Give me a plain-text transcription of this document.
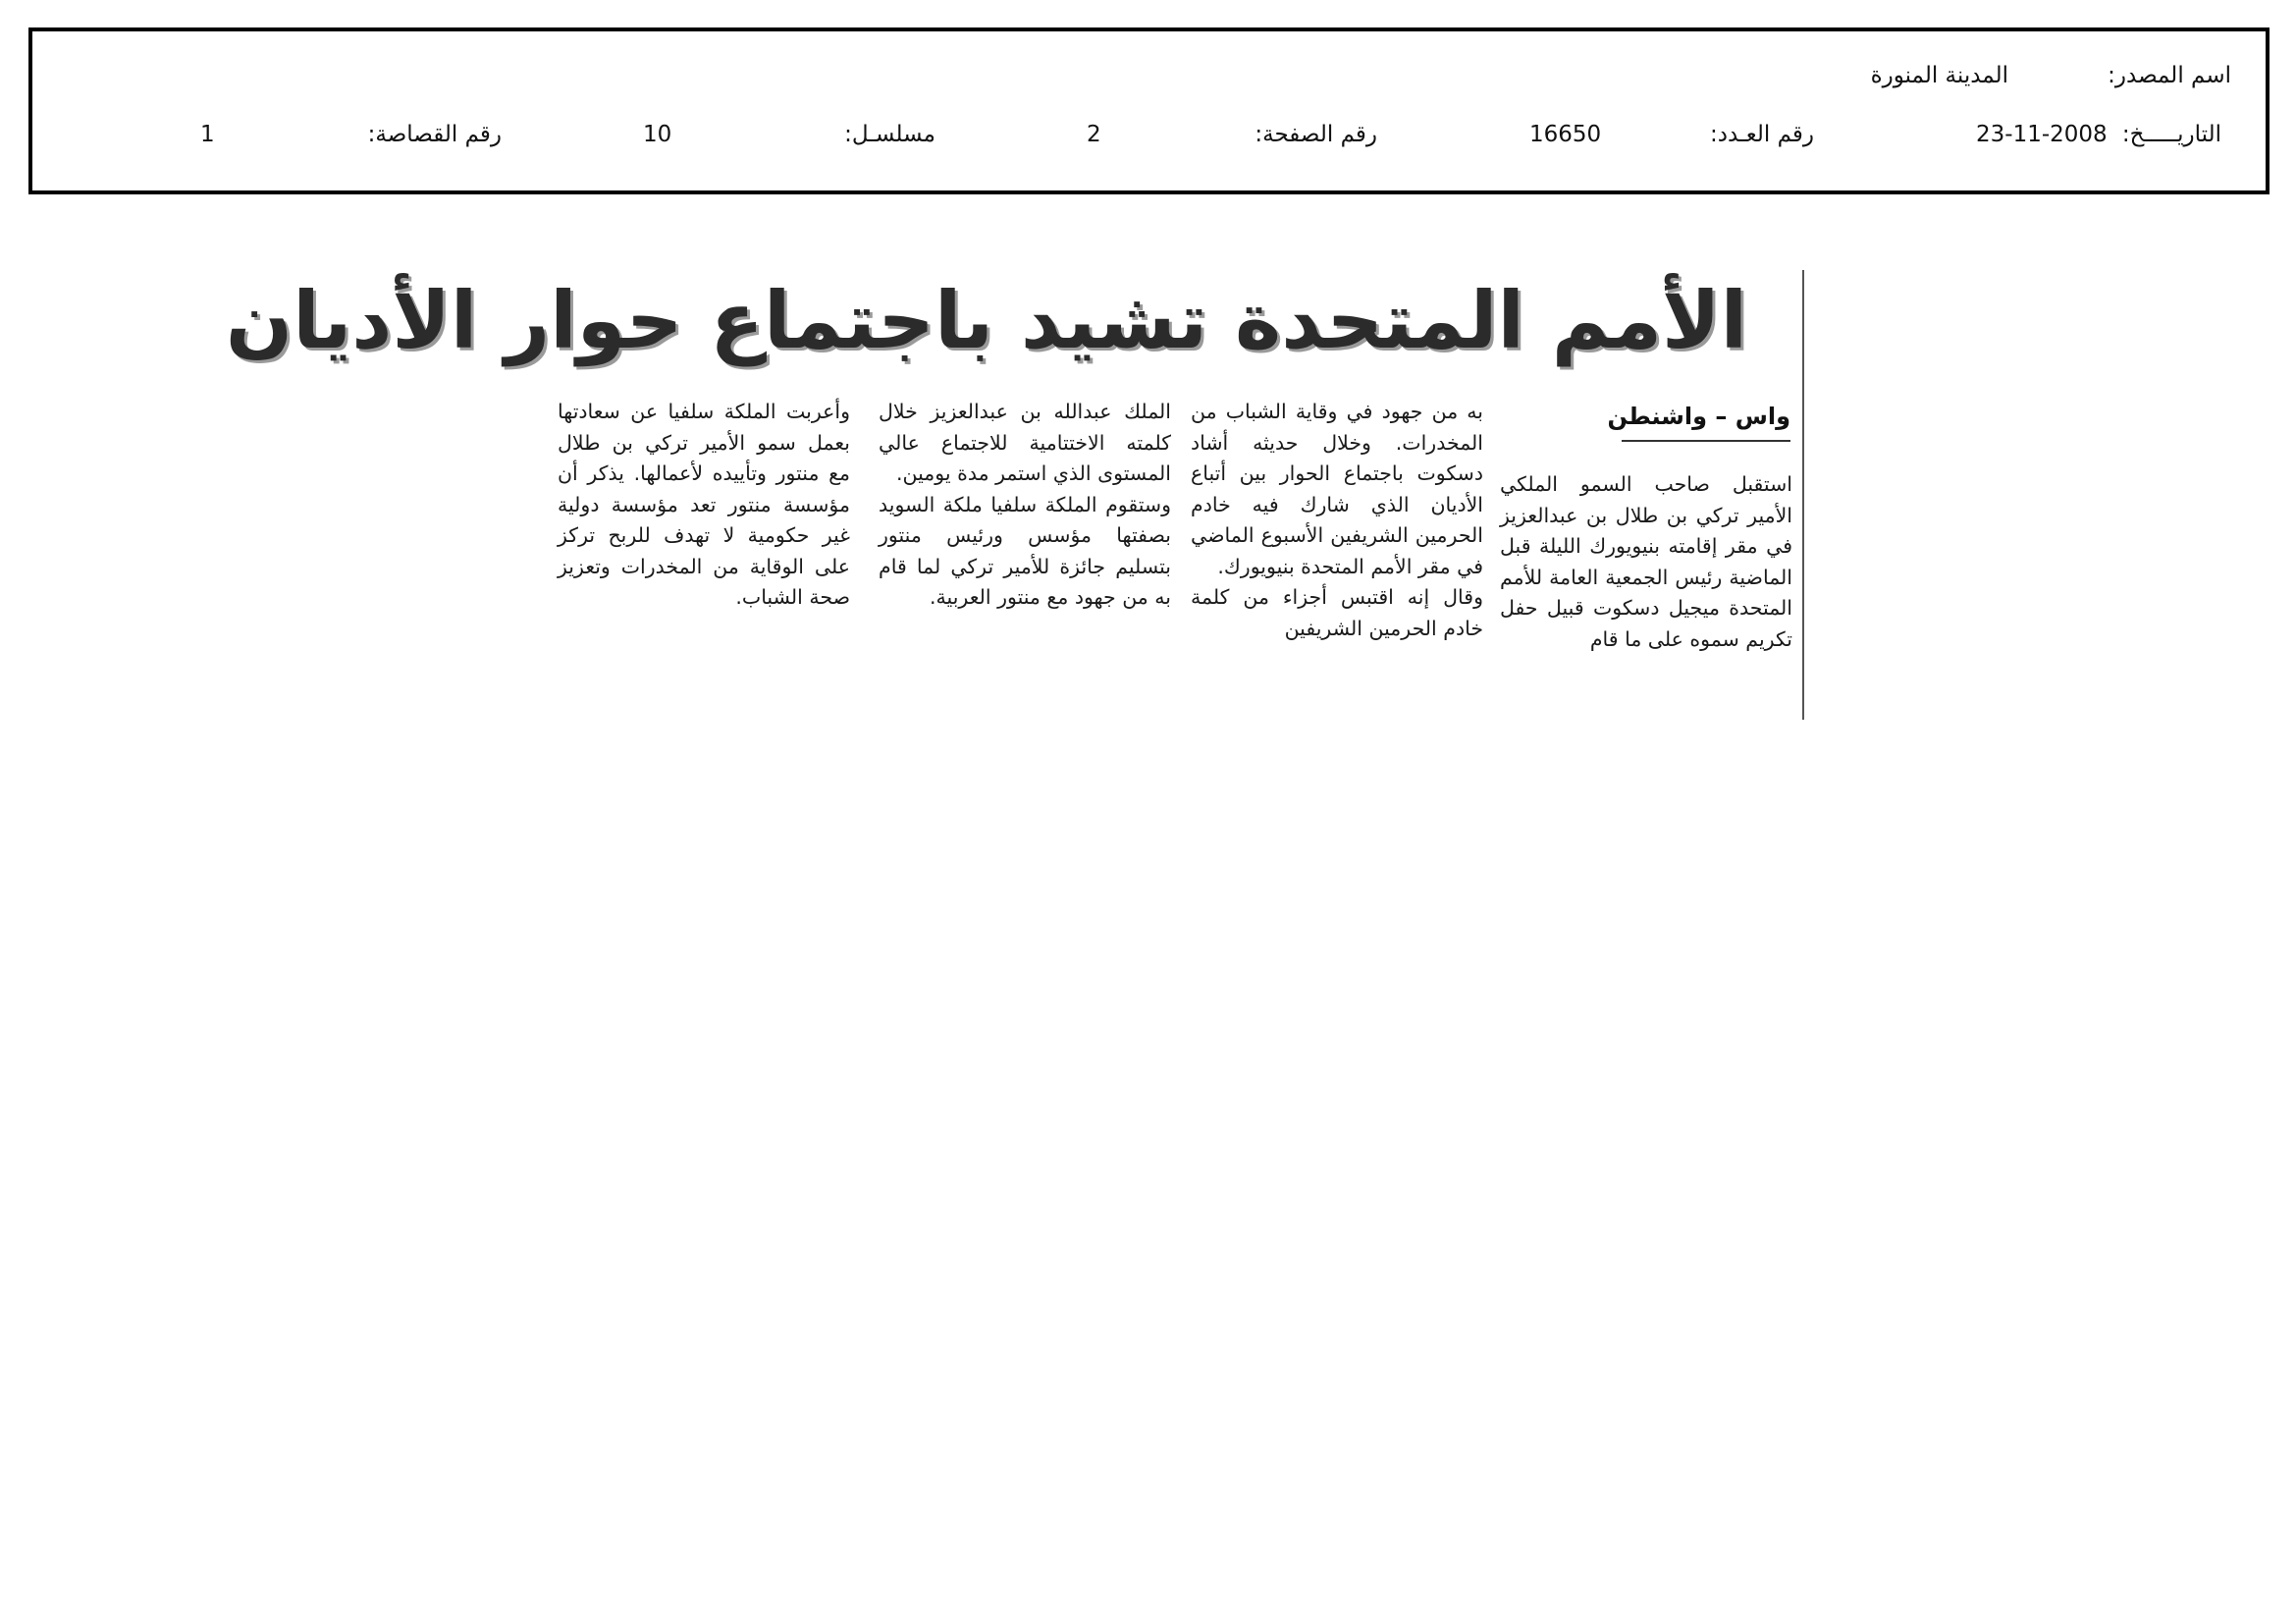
اسم المصدر:
المدينة المنورة
التاريـــــخ:
23-11-2008
رقم العـدد:
16650
رقم الصفحة:
2
مسلسـل:
10
رقم القصاصة:
1
الأمم المتحدة تشيد باجتماع حوار الأديان
واس – واشنطن

استقبل صاحب السمو الملكي الأمير تركي بن طلال بن عبدالعزيز في مقر إقامته بنيويورك الليلة قبل الماضية رئيس الجمعية العامة للأمم المتحدة ميجيل دسكوت قبيل حفل تكريم سموه على ما قام

به من جهود في وقاية الشباب من المخدرات. وخلال حديثه أشاد دسكوت باجتماع الحوار بين أتباع الأديان الذي شارك فيه خادم الحرمين الشريفين الأسبوع الماضي في مقر الأمم المتحدة بنيويورك.

وقال إنه اقتبس أجزاء من كلمة خادم الحرمين الشريفين

الملك عبدالله بن عبدالعزيز خلال كلمته الاختتامية للاجتماع عالي المستوى الذي استمر مدة يومين.

وستقوم الملكة سلفيا ملكة السويد بصفتها مؤسس ورئيس منتور بتسليم جائزة للأمير تركي لما قام به من جهود مع منتور العربية.

وأعربت الملكة سلفيا عن سعادتها بعمل سمو الأمير تركي بن طلال مع منتور وتأييده لأعمالها. يذكر أن مؤسسة منتور تعد مؤسسة دولية غير حكومية لا تهدف للربح تركز على الوقاية من المخدرات وتعزيز صحة الشباب.
